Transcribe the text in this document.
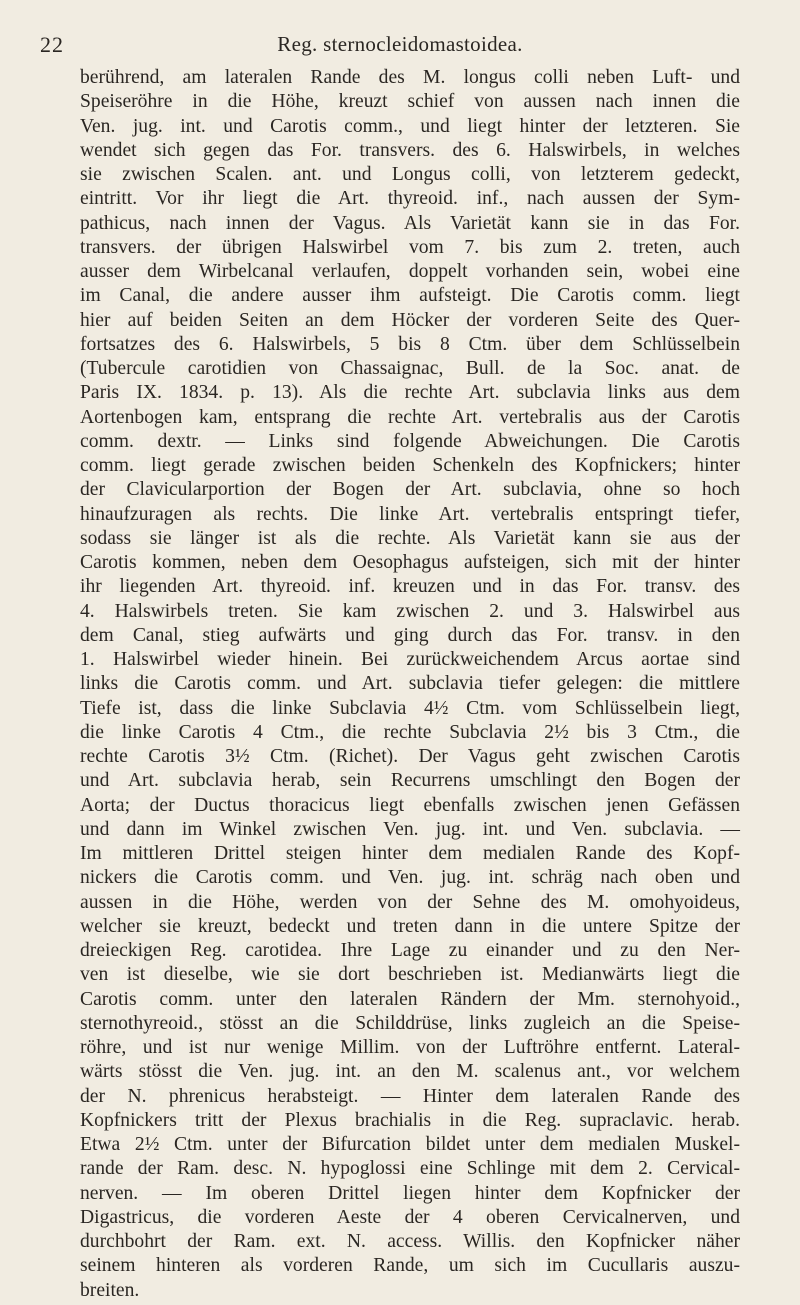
22	Reg. sternocleidomastoidea.
berührend, am lateralen Rande des M. longus colli neben Luft- und
Speiseröhre in die Höhe, kreuzt schief von aussen nach innen die
Ven. jug. int. und Carotis comm., und liegt hinter der letzteren. Sie
wendet sich gegen das For. transvers. des 6. Halswirbels, in welches
sie zwischen Scalen. ant. und Longus colli, von letzterem gedeckt,
eintritt. Vor ihr liegt die Art. thyreoid. inf., nach aussen der Sym-
pathicus, nach innen der Vagus. Als Varietät kann sie in das For.
transvers. der übrigen Halswirbel vom 7. bis zum 2. treten, auch
ausser dem Wirbelcanal verlaufen, doppelt vorhanden sein, wobei eine
im Canal, die andere ausser ihm aufsteigt. Die Carotis comm. liegt
hier auf beiden Seiten an dem Höcker der vorderen Seite des Quer-
fortsatzes des 6. Halswirbels, 5 bis 8 Ctm. über dem Schlüsselbein
(Tubercule carotidien von Chassaignac, Bull. de la Soc. anat. de
Paris IX. 1834. p. 13). Als die rechte Art. subclavia links aus dem
Aortenbogen kam, entsprang die rechte Art. vertebralis aus der Carotis
comm. dextr. — Links sind folgende Abweichungen. Die Carotis
comm. liegt gerade zwischen beiden Schenkeln des Kopfnickers; hinter
der Clavicularportion der Bogen der Art. subclavia, ohne so hoch
hinaufzuragen als rechts. Die linke Art. vertebralis entspringt tiefer,
sodass sie länger ist als die rechte. Als Varietät kann sie aus der
Carotis kommen, neben dem Oesophagus aufsteigen, sich mit der hinter
ihr liegenden Art. thyreoid. inf. kreuzen und in das For. transv. des
4. Halswirbels treten. Sie kam zwischen 2. und 3. Halswirbel aus
dem Canal, stieg aufwärts und ging durch das For. transv. in den
1. Halswirbel wieder hinein. Bei zurückweichendem Arcus aortae sind
links die Carotis comm. und Art. subclavia tiefer gelegen: die mittlere
Tiefe ist, dass die linke Subclavia 4½ Ctm. vom Schlüsselbein liegt,
die linke Carotis 4 Ctm., die rechte Subclavia 2½ bis 3 Ctm., die
rechte Carotis 3½ Ctm. (Richet). Der Vagus geht zwischen Carotis
und Art. subclavia herab, sein Recurrens umschlingt den Bogen der
Aorta; der Ductus thoracicus liegt ebenfalls zwischen jenen Gefässen
und dann im Winkel zwischen Ven. jug. int. und Ven. subclavia. —
Im mittleren Drittel steigen hinter dem medialen Rande des Kopf-
nickers die Carotis comm. und Ven. jug. int. schräg nach oben und
aussen in die Höhe, werden von der Sehne des M. omohyoideus,
welcher sie kreuzt, bedeckt und treten dann in die untere Spitze der
dreieckigen Reg. carotidea. Ihre Lage zu einander und zu den Ner-
ven ist dieselbe, wie sie dort beschrieben ist. Medianwärts liegt die
Carotis comm. unter den lateralen Rändern der Mm. sternohyoid.,
sternothyreoid., stösst an die Schilddrüse, links zugleich an die Speise-
röhre, und ist nur wenige Millim. von der Luftröhre entfernt. Lateral-
wärts stösst die Ven. jug. int. an den M. scalenus ant., vor welchem
der N. phrenicus herabsteigt. — Hinter dem lateralen Rande des
Kopfnickers tritt der Plexus brachialis in die Reg. supraclavic. herab.
Etwa 2½ Ctm. unter der Bifurcation bildet unter dem medialen Muskel-
rande der Ram. desc. N. hypoglossi eine Schlinge mit dem 2. Cervical-
nerven. — Im oberen Drittel liegen hinter dem Kopfnicker der
Digastricus, die vorderen Aeste der 4 oberen Cervicalnerven, und
durchbohrt der Ram. ext. N. access. Willis. den Kopfnicker näher
seinem hinteren als vorderen Rande, um sich im Cucullaris auszu-
breiten.
